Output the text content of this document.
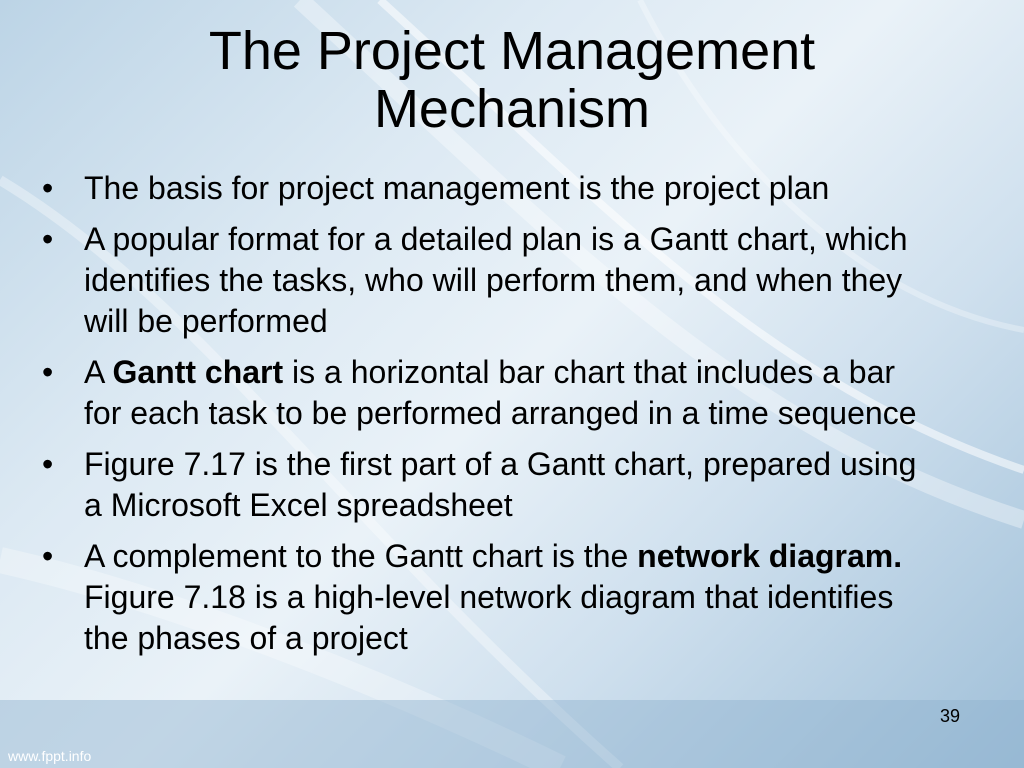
The Project Management
Mechanism
• The basis for project management is the project plan
• A popular format for a detailed plan is a Gantt chart, which identifies the tasks, who will perform them, and when they will be performed
• A Gantt chart is a horizontal bar chart that includes a bar for each task to be performed arranged in a time sequence
• Figure 7.17 is the first part of a Gantt chart, prepared using a Microsoft Excel spreadsheet
• A complement to the Gantt chart is the network diagram. Figure 7.18 is a high-level network diagram that identifies the phases of a project
39
www.fppt.info
